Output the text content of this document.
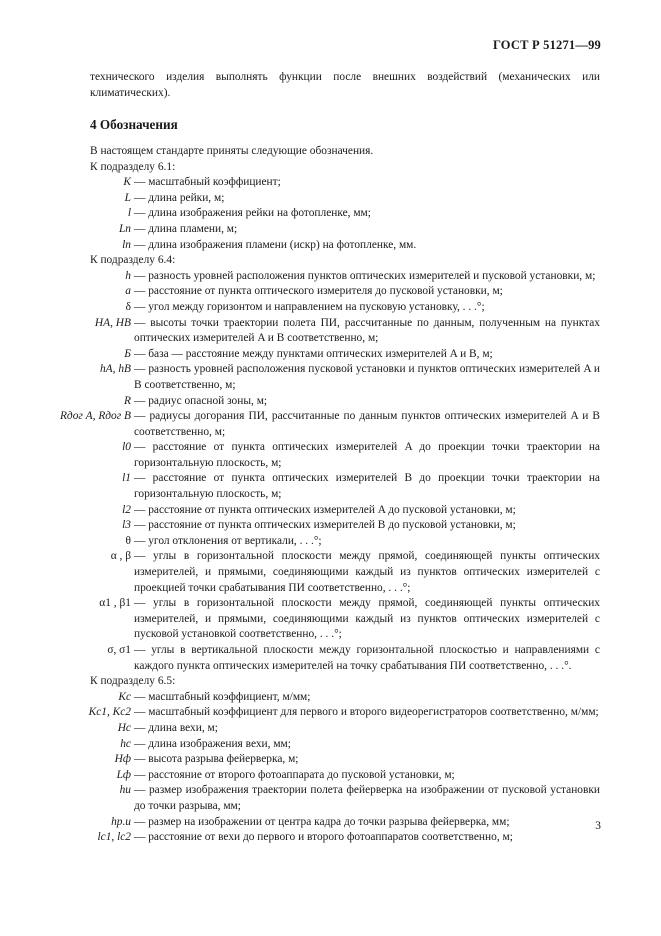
ГОСТ Р 51271—99
технического изделия выполнять функции после внешних воздействий (механических или климатических).
4 Обозначения
В настоящем стандарте приняты следующие обозначения.
К подразделу 6.1:
K — масштабный коэффициент;
L — длина рейки, м;
l — длина изображения рейки на фотопленке, мм;
Lп — длина пламени, м;
lп — длина изображения пламени (искр) на фотопленке, мм.
К подразделу 6.4:
h — разность уровней расположения пунктов оптических измерителей и пусковой установки, м;
a — расстояние от пункта оптического измерителя до пусковой установки, м;
δ — угол между горизонтом и направлением на пусковую установку, . . .°;
HA, HB — высоты точки траектории полета ПИ, рассчитанные по данным, полученным на пунктах оптических измерителей A и B соответственно, м;
Б — база — расстояние между пунктами оптических измерителей A и B, м;
hA, hB — разность уровней расположения пусковой установки и пунктов оптических измерителей A и B соответственно, м;
R — радиус опасной зоны, м;
Rдог A, Rдог B — радиусы догорания ПИ, рассчитанные по данным пунктов оптических измерителей A и B соответственно, м;
l0 — расстояние от пункта оптических измерителей A до проекции точки траектории на горизонтальную плоскость, м;
l1 — расстояние от пункта оптических измерителей B до проекции точки траектории на горизонтальную плоскость, м;
l2 — расстояние от пункта оптических измерителей A до пусковой установки, м;
l3 — расстояние от пункта оптических измерителей B до пусковой установки, м;
θ — угол отклонения от вертикали, . . .°;
α , β — углы в горизонтальной плоскости между прямой, соединяющей пункты оптических измерителей, и прямыми, соединяющими каждый из пунктов оптических измерителей с проекцией точки срабатывания ПИ соответственно, . . .°;
α1 , β1 — углы в горизонтальной плоскости между прямой, соединяющей пункты оптических измерителей, и прямыми, соединяющими каждый из пунктов оптических измерителей с пусковой установкой соответственно, . . .°;
σ, σ1 — углы в вертикальной плоскости между горизонтальной плоскостью и направлениями с каждого пункта оптических измерителей на точку срабатывания ПИ соответственно, . . .°.
К подразделу 6.5:
Kc — масштабный коэффициент, м/мм;
Kc1, Kc2 — масштабный коэффициент для первого и второго видеорегистраторов соответственно, м/мм;
Hc — длина вехи, м;
hc — длина изображения вехи, мм;
Hф — высота разрыва фейерверка, м;
Lф — расстояние от второго фотоаппарата до пусковой установки, м;
hи — размер изображения траектории полета фейерверка на изображении от пусковой установки до точки разрыва, мм;
hр.и — размер на изображении от центра кадра до точки разрыва фейерверка, мм;
lc1, lc2 — расстояние от вехи до первого и второго фотоаппаратов соответственно, м;
3
